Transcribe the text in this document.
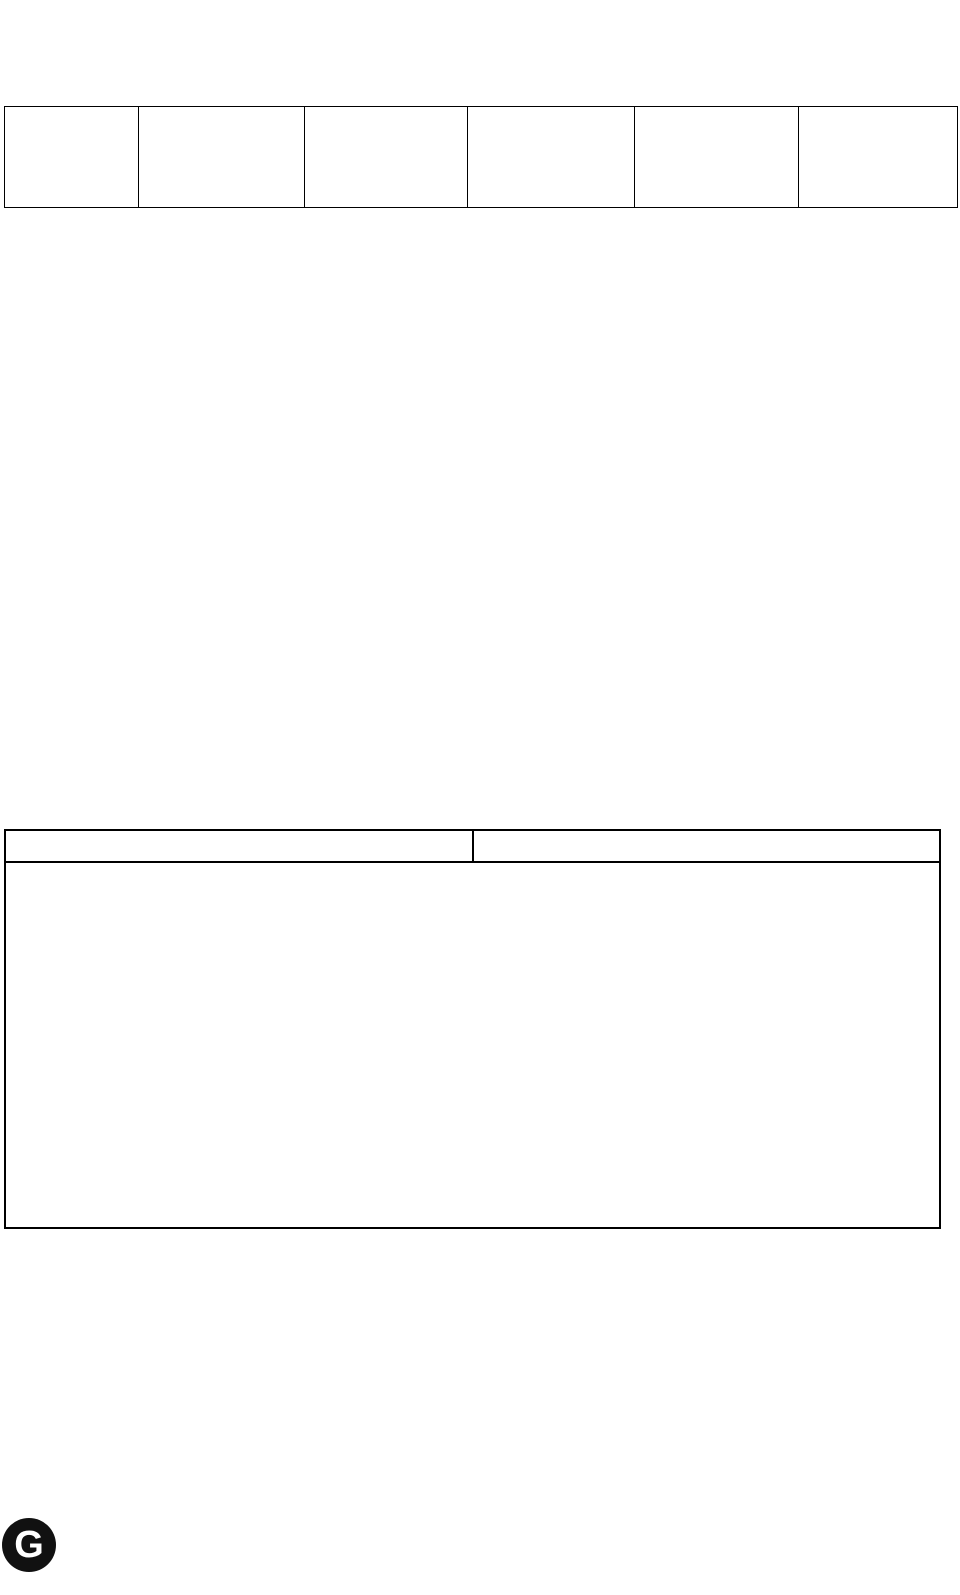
G
